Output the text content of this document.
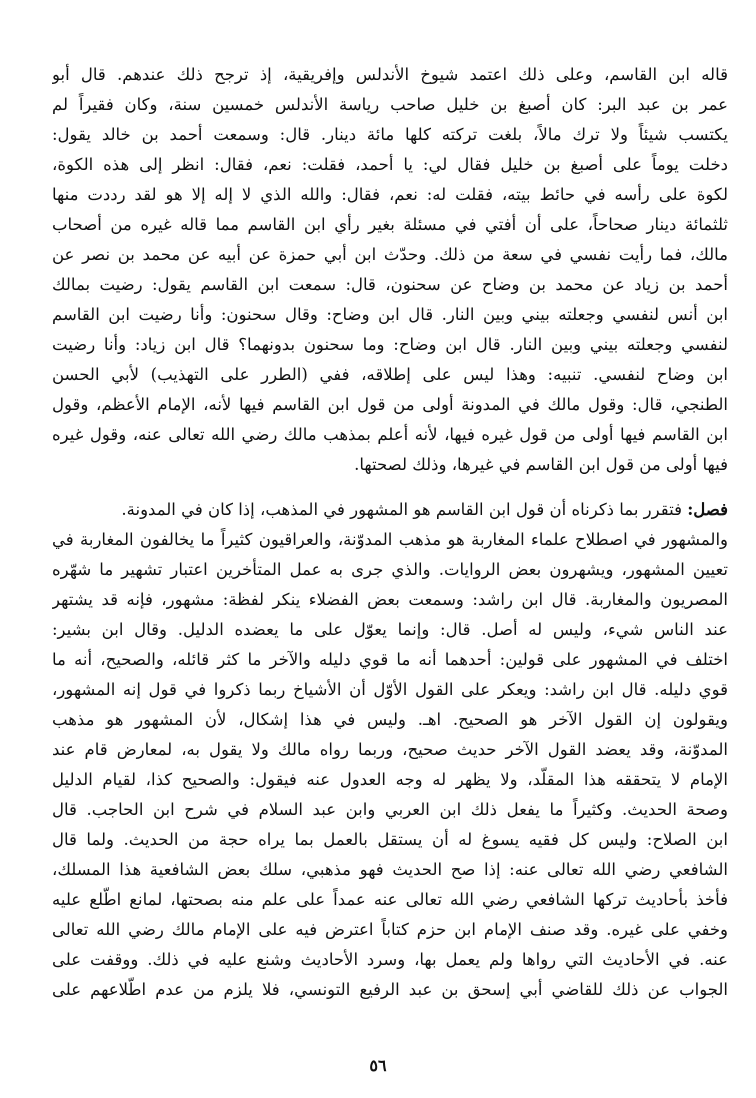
قاله ابن القاسم، وعلى ذلك اعتمد شيوخ الأندلس وإفريقية، إذ ترجح ذلك عندهم. قال أبو
عمر بن عبد البر: كان أصبغ بن خليل صاحب رياسة الأندلس خمسين سنة، وكان فقيراً لم
يكتسب شيئاً ولا ترك مالاً، بلغت تركته كلها مائة دينار. قال: وسمعت أحمد بن خالد يقول:
دخلت يوماً على أصبغ بن خليل فقال لي: يا أحمد، فقلت: نعم، فقال: انظر إلى هذه الكوة،
لكوة على رأسه في حائط بيته، فقلت له: نعم، فقال: والله الذي لا إله إلا هو لقد رددت منها
ثلثمائة دينار صحاحاً، على أن أفتي في مسئلة بغير رأي ابن القاسم مما قاله غيره من أصحاب
مالك، فما رأيت نفسي في سعة من ذلك. وحدّث ابن أبي حمزة عن أبيه عن محمد بن نصر عن
أحمد بن زياد عن محمد بن وضاح عن سحنون، قال: سمعت ابن القاسم يقول: رضيت بمالك
ابن أنس لنفسي وجعلته بيني وبين النار. قال ابن وضاح: وقال سحنون: وأنا رضيت ابن القاسم
لنفسي وجعلته بيني وبين النار. قال ابن وضاح: وما سحنون بدونهما؟ قال ابن زياد: وأنا رضيت
ابن وضاح لنفسي. تنبيه: وهذا ليس على إطلاقه، ففي (الطرر على التهذيب) لأبي الحسن
الطنجي، قال: وقول مالك في المدونة أولى من قول ابن القاسم فيها لأنه، الإمام الأعظم، وقول
ابن القاسم فيها أولى من قول غيره فيها، لأنه أعلم بمذهب مالك رضي الله تعالى عنه، وقول غيره
فيها أولى من قول ابن القاسم في غيرها، وذلك لصحتها.
فصل: فتقرر بما ذكرناه أن قول ابن القاسم هو المشهور في المذهب، إذا كان في المدونة.
والمشهور في اصطلاح علماء المغاربة هو مذهب المدوّنة، والعراقيون كثيراً ما يخالفون المغاربة في
تعيين المشهور، ويشهرون بعض الروايات. والذي جرى به عمل المتأخرين اعتبار تشهير ما شهّره
المصريون والمغاربة. قال ابن راشد: وسمعت بعض الفضلاء ينكر لفظة: مشهور، فإنه قد يشتهر
عند الناس شيء، وليس له أصل. قال: وإنما يعوّل على ما يعضده الدليل. وقال ابن بشير:
اختلف في المشهور على قولين: أحدهما أنه ما قوي دليله والآخر ما كثر قائله، والصحيح، أنه ما
قوي دليله. قال ابن راشد: ويعكر على القول الأوّل أن الأشياخ ربما ذكروا في قول إنه المشهور،
ويقولون إن القول الآخر هو الصحيح. اهـ. وليس في هذا إشكال، لأن المشهور هو مذهب
المدوّنة، وقد يعضد القول الآخر حديث صحيح، وربما رواه مالك ولا يقول به، لمعارض قام عند
الإمام لا يتحققه هذا المقلّد، ولا يظهر له وجه العدول عنه فيقول: والصحيح كذا، لقيام الدليل
وصحة الحديث. وكثيراً ما يفعل ذلك ابن العربي وابن عبد السلام في شرح ابن الحاجب. قال
ابن الصلاح: وليس كل فقيه يسوغ له أن يستقل بالعمل بما يراه حجة من الحديث. ولما قال
الشافعي رضي الله تعالى عنه: إذا صح الحديث فهو مذهبي، سلك بعض الشافعية هذا المسلك،
فأخذ بأحاديث تركها الشافعي رضي الله تعالى عنه عمداً على علم منه بصحتها، لمانع اطّلع عليه
وخفي على غيره. وقد صنف الإمام ابن حزم كتاباً اعترض فيه على الإمام مالك رضي الله تعالى
عنه. في الأحاديث التي رواها ولم يعمل بها، وسرد الأحاديث وشنع عليه في ذلك. ووقفت على
الجواب عن ذلك للقاضي أبي إسحق بن عبد الرفيع التونسي، فلا يلزم من عدم اطّلاعهم على
٥٦
